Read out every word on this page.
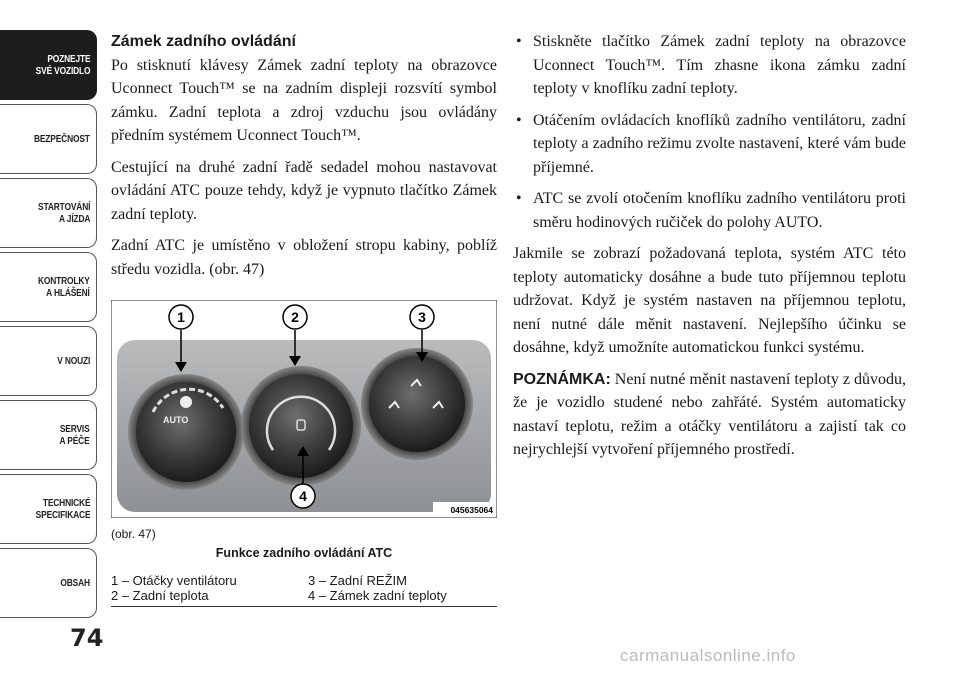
POZNEJTE
SVÉ VOZIDLO
BEZPEČNOST
STARTOVÁNÍ
A JÍZDA
KONTROLKY
A HLÁŠENÍ
V NOUZI
SERVIS
A PÉČE
TECHNICKÉ
SPECIFIKACE
OBSAH
74
Zámek zadního ovládání

Po stisknutí klávesy Zámek zadní teploty na obrazovce Uconnect Touch™ se na zadním displeji rozsvítí symbol zámku. Zadní teplota a zdroj vzduchu jsou ovládány předním systémem Uconnect Touch™.

Cestující na druhé zadní řadě sedadel mohou nastavovat ovládání ATC pouze tehdy, když je vypnuto tlačítko Zámek zadní teploty.

Zadní ATC je umístěno v obložení stropu kabiny, poblíž středu vozidla. (obr. 47)

AUTO
1	2	3
4
045635064
(obr. 47)
Funkce zadního ovládání ATC
1 – Otáčky ventilátoru	3 – Zadní REŽIM
2 – Zadní teplota	4 – Zámek zadní teploty
• Stiskněte tlačítko Zámek zadní teploty na obrazovce Uconnect Touch™. Tím zhasne ikona zámku zadní teploty v knoflíku zadní teploty.
• Otáčením ovládacích knoflíků zadního ventilátoru, zadní teploty a zadního režimu zvolte nastavení, které vám bude příjemné.
• ATC se zvolí otočením knoflíku zadního ventilátoru proti směru hodinových ručiček do polohy AUTO.

Jakmile se zobrazí požadovaná teplota, systém ATC této teploty automaticky dosáhne a bude tuto příjemnou teplotu udržovat. Když je systém nastaven na příjemnou teplotu, není nutné dále měnit nastavení. Nejlepšího účinku se dosáhne, když umožníte automatickou funkci systému.

POZNÁMKA: Není nutné měnit nastavení teploty z důvodu, že je vozidlo studené nebo zahřáté. Systém automaticky nastaví teplotu, režim a otáčky ventilátoru a zajistí tak co nejrychlejší vytvoření příjemného prostředí.

carmanualsonline.info
